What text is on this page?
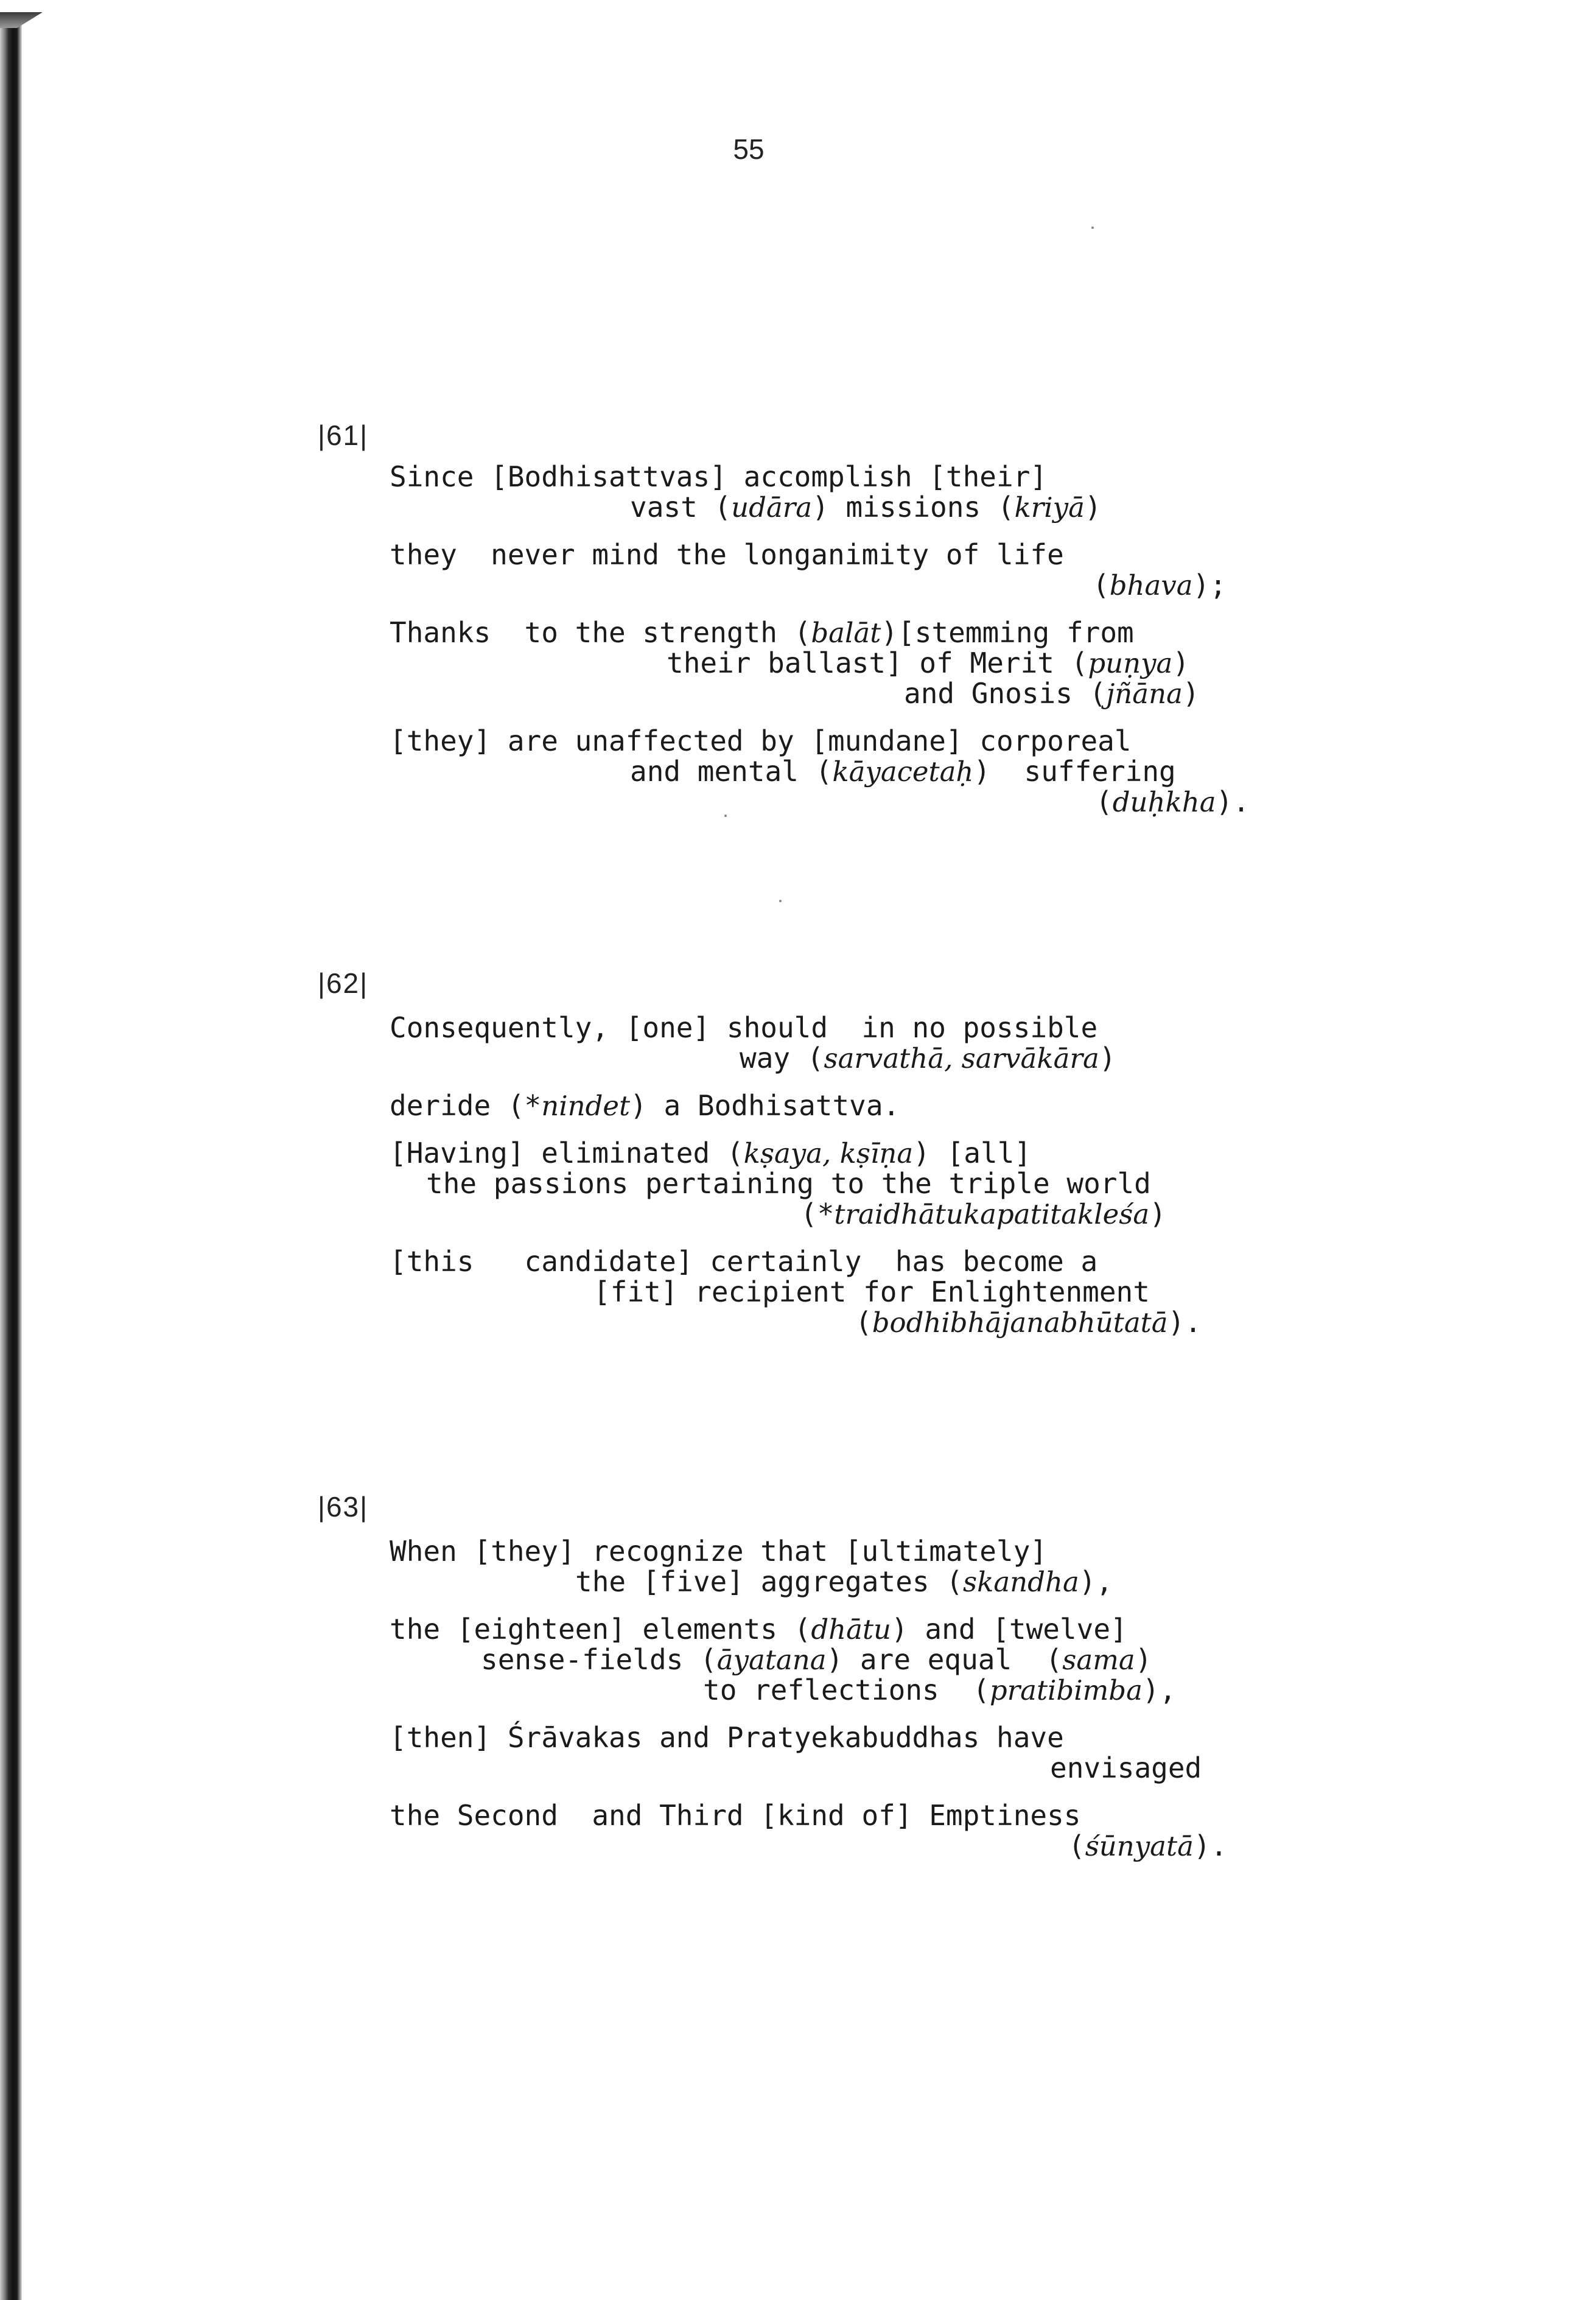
55
|61|
Since [Bodhisattvas] accomplish [their]
vast (udāra) missions (kriyā)
they  never mind the longanimity of life
(bhava);
Thanks  to the strength (balāt)[stemming from
their ballast] of Merit (puṇya)
and Gnosis (jñāna)
[they] are unaffected by [mundane] corporeal
and mental (kāyacetaḥ)  suffering
(duḥkha).
|62|
Consequently, [one] should  in no possible
way (sarvathā, sarvākāra)
deride (*nindet) a Bodhisattva.
[Having] eliminated (kṣaya, kṣīṇa) [all]
the passions pertaining to the triple world
(*traidhātukapatitakleśa)
[this   candidate] certainly  has become a
[fit] recipient for Enlightenment
(bodhibhājanabhūtatā).
|63|
When [they] recognize that [ultimately]
the [five] aggregates (skandha),
the [eighteen] elements (dhātu) and [twelve]
sense-fields (āyatana) are equal  (sama)
to reflections  (pratibimba),
[then] Śrāvakas and Pratyekabuddhas have
envisaged
the Second  and Third [kind of] Emptiness
(śūnyatā).
